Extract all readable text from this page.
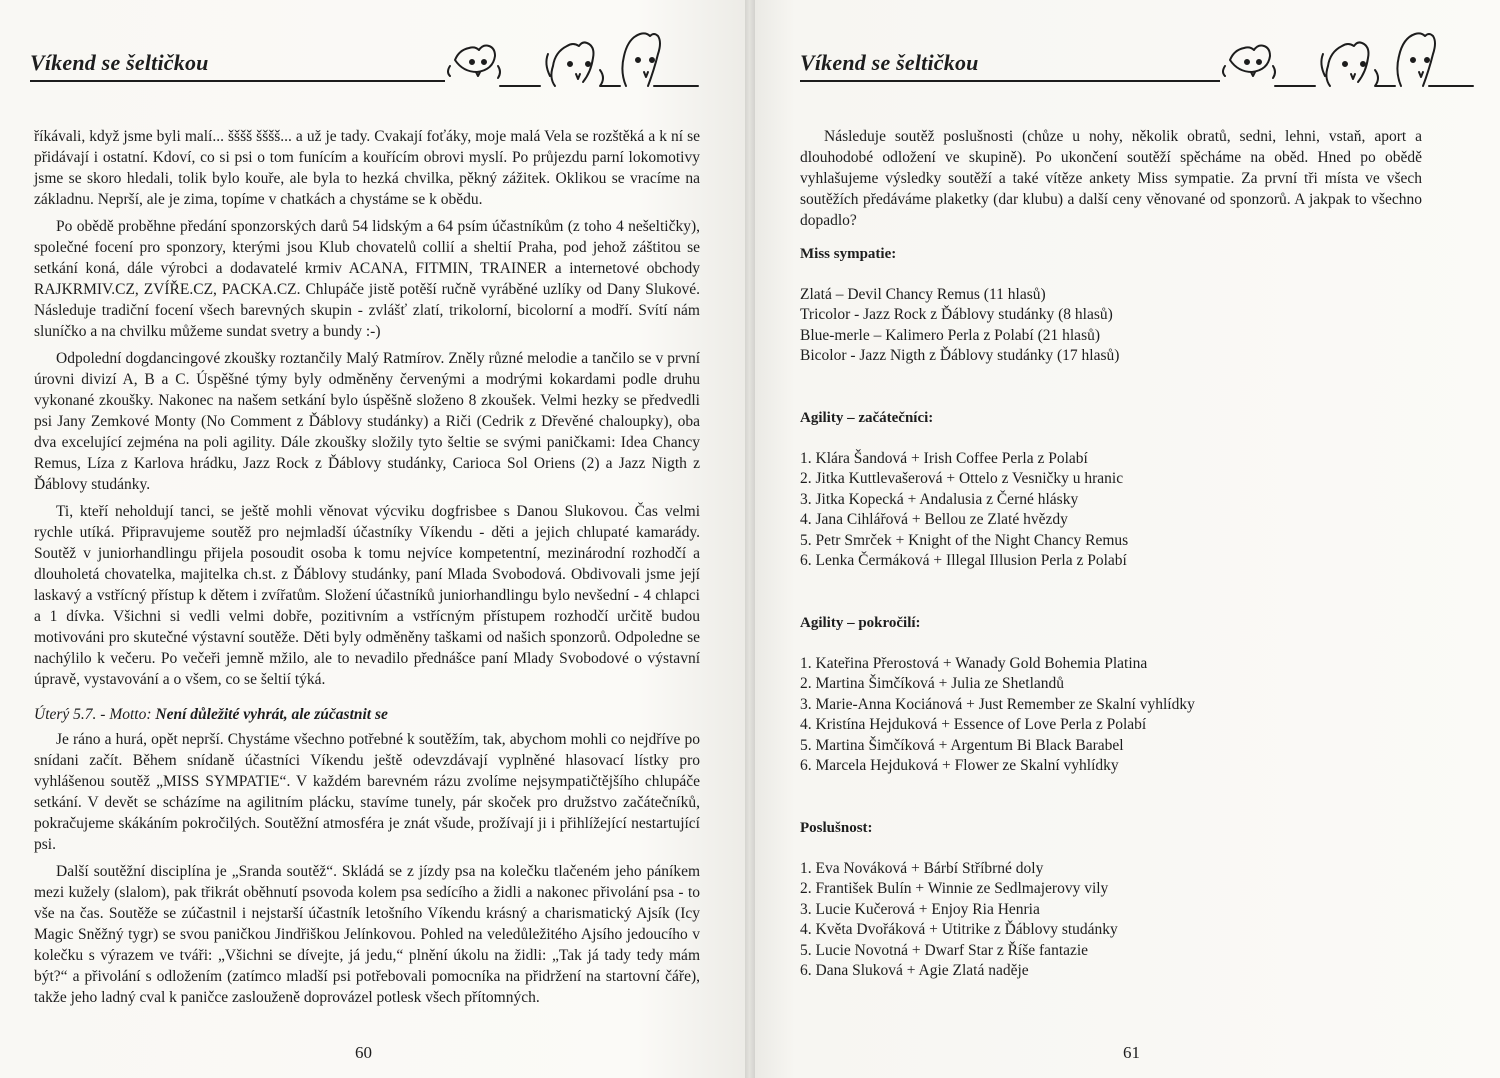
Víkend se šeltičkou

říkávali, když jsme byli malí... šššš šššš... a už je tady. Cvakají foťáky, moje malá Vela se rozštěká a k ní se přidávají i ostatní. Kdoví, co si psi o tom funícím a kouřícím obrovi myslí. Po průjezdu parní lokomotivy jsme se skoro hledali, tolik bylo kouře, ale byla to hezká chvilka, pěkný zážitek. Oklikou se vracíme na základnu. Neprší, ale je zima, topíme v chatkách a chystáme se k obědu.

Po obědě proběhne předání sponzorských darů 54 lidským a 64 psím účastníkům (z toho 4 nešeltičky), společné focení pro sponzory, kterými jsou Klub chovatelů collií a sheltií Praha, pod jehož záštitou se setkání koná, dále výrobci a dodavatelé krmiv ACANA, FITMIN, TRAINER a internetové obchody RAJKRMIV.CZ, ZVÍŘE.CZ, PACKA.CZ. Chlupáče jistě potěší ručně vyráběné uzlíky od Dany Slukové. Následuje tradiční focení všech barevných skupin - zvlášť zlatí, trikolorní, bicolorní a modří. Svítí nám sluníčko a na chvilku můžeme sundat svetry a bundy :-)

Odpolední dogdancingové zkoušky roztančily Malý Ratmírov. Zněly různé melodie a tančilo se v první úrovni divizí A, B a C. Úspěšné týmy byly odměněny červenými a modrými kokardami podle druhu vykonané zkoušky. Nakonec na našem setkání bylo úspěšně složeno 8 zkoušek. Velmi hezky se předvedli psi Jany Zemkové Monty (No Comment z Ďáblovy studánky) a Riči (Cedrik z Dřevěné chaloupky), oba dva excelující zejména na poli agility. Dále zkoušky složily tyto šeltie se svými paničkami: Idea Chancy Remus, Líza z Karlova hrádku, Jazz Rock z Ďáblovy studánky, Carioca Sol Oriens (2) a Jazz Nigth z Ďáblovy studánky.

Ti, kteří neholdují tanci, se ještě mohli věnovat výcviku dogfrisbee s Danou Slukovou. Čas velmi rychle utíká. Připravujeme soutěž pro nejmladší účastníky Víkendu - děti a jejich chlupaté kamarády. Soutěž v juniorhandlingu přijela posoudit osoba k tomu nejvíce kompetentní, mezinárodní rozhodčí a dlouholetá chovatelka, majitelka ch.st. z Ďáblovy studánky, paní Mlada Svobodová. Obdivovali jsme její laskavý a vstřícný přístup k dětem i zvířatům. Složení účastníků juniorhandlingu bylo nevšední - 4 chlapci a 1 dívka. Všichni si vedli velmi dobře, pozitivním a vstřícným přístupem rozhodčí určitě budou motivováni pro skutečné výstavní soutěže. Děti byly odměněny taškami od našich sponzorů. Odpoledne se nachýlilo k večeru. Po večeři jemně mžilo, ale to nevadilo přednášce paní Mlady Svobodové o výstavní úpravě, vystavování a o všem, co se šeltií týká.

Úterý 5.7. - Motto: Není důležité vyhrát, ale zúčastnit se

Je ráno a hurá, opět neprší. Chystáme všechno potřebné k soutěžím, tak, abychom mohli co nejdříve po snídani začít. Během snídaně účastníci Víkendu ještě odevzdávají vyplněné hlasovací lístky pro vyhlášenou soutěž „MISS SYMPATIE“. V každém barevném rázu zvolíme nejsympatičtějšího chlupáče setkání. V devět se scházíme na agilitním plácku, stavíme tunely, pár skoček pro družstvo začátečníků, pokračujeme skákáním pokročilých. Soutěžní atmosféra je znát všude, prožívají ji i přihlížející nestartující psi.

Další soutěžní disciplína je „Sranda soutěž“. Skládá se z jízdy psa na kolečku tlačeném jeho páníkem mezi kužely (slalom), pak třikrát oběhnutí psovoda kolem psa sedícího a židli a nakonec přivolání psa - to vše na čas. Soutěže se zúčastnil i nejstarší účastník letošního Víkendu krásný a charismatický Ajsík (Icy Magic Sněžný tygr) se svou paničkou Jindřiškou Jelínkovou. Pohled na veledůležitého Ajsího jedoucího v kolečku s výrazem ve tváři: „Všichni se dívejte, já jedu,“ plnění úkolu na židli: „Tak já tady tedy mám být?“ a přivolání s odložením (zatímco mladší psi potřebovali pomocníka na přidržení na startovní čáře), takže jeho ladný cval k paničce zaslouženě doprovázel potlesk všech přítomných.

60	61
Víkend se šeltičkou
Následuje soutěž poslušnosti (chůze u nohy, několik obratů, sedni, lehni, vstaň, aport a dlouhodobé odložení ve skupině). Po ukončení soutěží spěcháme na oběd. Hned po obědě vyhlašujeme výsledky soutěží a také vítěze ankety Miss sympatie. Za první tři místa ve všech soutěžích předáváme plaketky (dar klubu) a další ceny věnované od sponzorů. A jakpak to všechno dopadlo?
Miss sympatie:
Zlatá – Devil Chancy Remus (11 hlasů)
Tricolor - Jazz Rock z Ďáblovy studánky (8 hlasů)
Blue-merle – Kalimero Perla z Polabí (21 hlasů)
Bicolor - Jazz Nigth z Ďáblovy studánky (17 hlasů)
Agility – začátečníci:
1. Klára Šandová + Irish Coffee Perla z Polabí
2. Jitka Kuttlevašerová + Ottelo z Vesničky u hranic
3. Jitka Kopecká + Andalusia z Černé hlásky
4. Jana Cihlářová + Bellou ze Zlaté hvězdy
5. Petr Smrček + Knight of the Night Chancy Remus
6. Lenka Čermáková + Illegal Illusion Perla z Polabí
Agility – pokročilí:
1. Kateřina Přerostová + Wanady Gold Bohemia Platina
2. Martina Šimčíková + Julia ze Shetlandů
3. Marie-Anna Kociánová + Just Remember ze Skalní vyhlídky
4. Kristína Hejduková + Essence of Love Perla z Polabí
5. Martina Šimčíková + Argentum Bi Black Barabel
6. Marcela Hejduková + Flower ze Skalní vyhlídky
Poslušnost:
1. Eva Nováková + Bárbí Stříbrné doly
2. František Bulín + Winnie ze Sedlmajerovy vily
3. Lucie Kučerová + Enjoy Ria Henria
4. Květa Dvořáková + Utitrike z Ďáblovy studánky
5. Lucie Novotná + Dwarf Star z Říše fantazie
6. Dana Sluková + Agie Zlatá naděje
